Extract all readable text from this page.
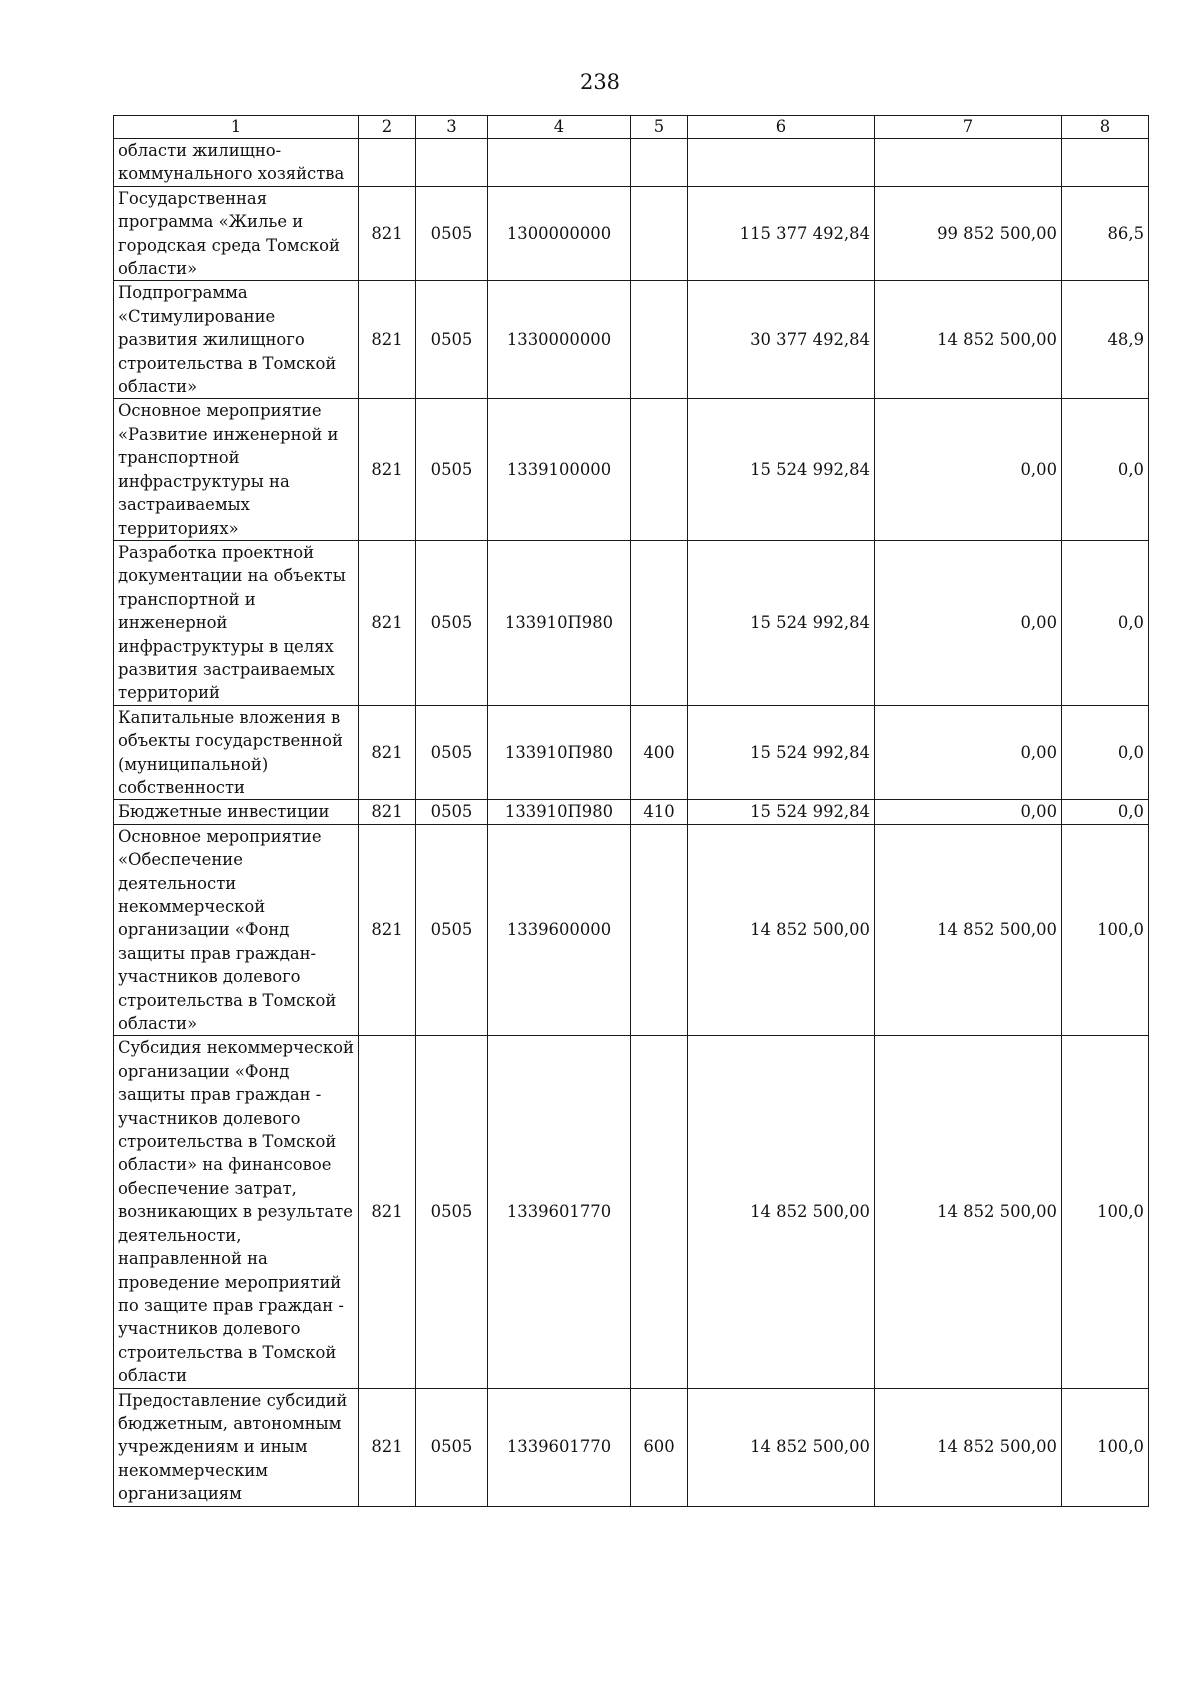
238
1	2	3	4	5	6	7	8
области жилищно-коммунального хозяйства							
Государственная программа «Жилье и городская среда Томской области»	821	0505	1300000000		115 377 492,84	99 852 500,00	86,5
Подпрограмма «Стимулирование развития жилищного строительства в Томской области»	821	0505	1330000000		30 377 492,84	14 852 500,00	48,9
Основное мероприятие «Развитие инженерной и транспортной инфраструктуры на застраиваемых территориях»	821	0505	1339100000		15 524 992,84	0,00	0,0
Разработка проектной документации на объекты транспортной и инженерной инфраструктуры в целях развития застраиваемых территорий	821	0505	133910П980		15 524 992,84	0,00	0,0
Капитальные вложения в объекты государственной (муниципальной) собственности	821	0505	133910П980	400	15 524 992,84	0,00	0,0
Бюджетные инвестиции	821	0505	133910П980	410	15 524 992,84	0,00	0,0
Основное мероприятие «Обеспечение деятельности некоммерческой организации «Фонд защиты прав граждан-участников долевого строительства в Томской области»	821	0505	1339600000		14 852 500,00	14 852 500,00	100,0
Субсидия некоммерческой организации «Фонд защиты прав граждан - участников долевого строительства в Томской области» на финансовое обеспечение затрат, возникающих в результате деятельности, направленной на проведение мероприятий по защите прав граждан - участников долевого строительства в Томской области	821	0505	1339601770		14 852 500,00	14 852 500,00	100,0
Предоставление субсидий бюджетным, автономным учреждениям и иным некоммерческим организациям	821	0505	1339601770	600	14 852 500,00	14 852 500,00	100,0
